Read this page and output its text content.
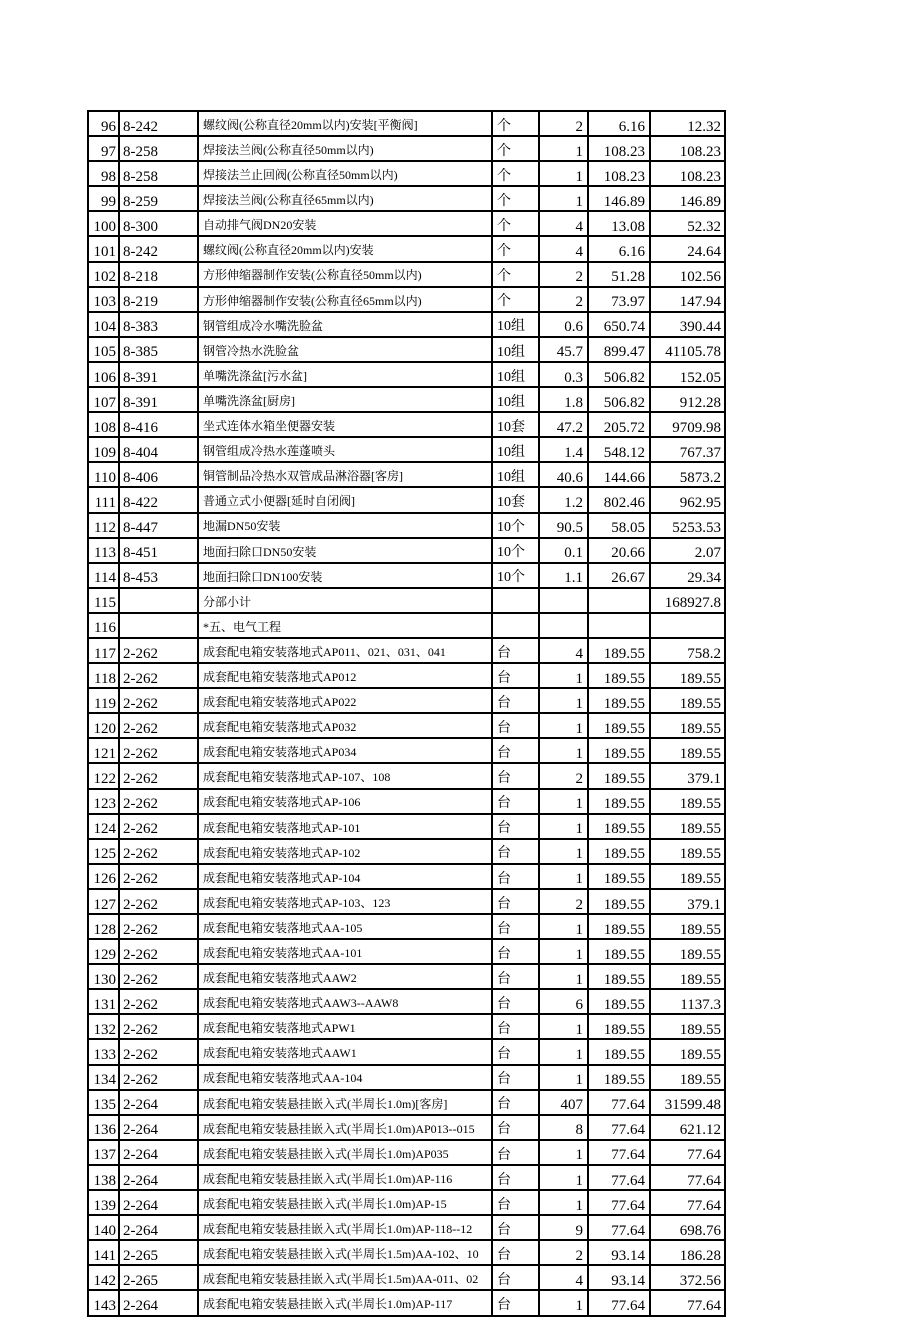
96	8-242	螺纹阀(公称直径20mm以内)安装[平衡阀]	个	2	6.16	12.32
97	8-258	焊接法兰阀(公称直径50mm以内)	个	1	108.23	108.23
98	8-258	焊接法兰止回阀(公称直径50mm以内)	个	1	108.23	108.23
99	8-259	焊接法兰阀(公称直径65mm以内)	个	1	146.89	146.89
100	8-300	自动排气阀DN20安装	个	4	13.08	52.32
101	8-242	螺纹阀(公称直径20mm以内)安装	个	4	6.16	24.64
102	8-218	方形伸缩器制作安装(公称直径50mm以内)	个	2	51.28	102.56
103	8-219	方形伸缩器制作安装(公称直径65mm以内)	个	2	73.97	147.94
104	8-383	钢管组成冷水嘴洗脸盆	10组	0.6	650.74	390.44
105	8-385	钢管冷热水洗脸盆	10组	45.7	899.47	41105.78
106	8-391	单嘴洗涤盆[污水盆]	10组	0.3	506.82	152.05
107	8-391	单嘴洗涤盆[厨房]	10组	1.8	506.82	912.28
108	8-416	坐式连体水箱坐便器安装	10套	47.2	205.72	9709.98
109	8-404	钢管组成冷热水莲蓬喷头	10组	1.4	548.12	767.37
110	8-406	铜管制品冷热水双管成品淋浴器[客房]	10组	40.6	144.66	5873.2
111	8-422	普通立式小便器[延时自闭阀]	10套	1.2	802.46	962.95
112	8-447	地漏DN50安装	10个	90.5	58.05	5253.53
113	8-451	地面扫除口DN50安装	10个	0.1	20.66	2.07
114	8-453	地面扫除口DN100安装	10个	1.1	26.67	29.34
115		分部小计				168927.8
116		*五、电气工程				
117	2-262	成套配电箱安装落地式AP011、021、031、041	台	4	189.55	758.2
118	2-262	成套配电箱安装落地式AP012	台	1	189.55	189.55
119	2-262	成套配电箱安装落地式AP022	台	1	189.55	189.55
120	2-262	成套配电箱安装落地式AP032	台	1	189.55	189.55
121	2-262	成套配电箱安装落地式AP034	台	1	189.55	189.55
122	2-262	成套配电箱安装落地式AP-107、108	台	2	189.55	379.1
123	2-262	成套配电箱安装落地式AP-106	台	1	189.55	189.55
124	2-262	成套配电箱安装落地式AP-101	台	1	189.55	189.55
125	2-262	成套配电箱安装落地式AP-102	台	1	189.55	189.55
126	2-262	成套配电箱安装落地式AP-104	台	1	189.55	189.55
127	2-262	成套配电箱安装落地式AP-103、123	台	2	189.55	379.1
128	2-262	成套配电箱安装落地式AA-105	台	1	189.55	189.55
129	2-262	成套配电箱安装落地式AA-101	台	1	189.55	189.55
130	2-262	成套配电箱安装落地式AAW2	台	1	189.55	189.55
131	2-262	成套配电箱安装落地式AAW3--AAW8	台	6	189.55	1137.3
132	2-262	成套配电箱安装落地式APW1	台	1	189.55	189.55
133	2-262	成套配电箱安装落地式AAW1	台	1	189.55	189.55
134	2-262	成套配电箱安装落地式AA-104	台	1	189.55	189.55
135	2-264	成套配电箱安装悬挂嵌入式(半周长1.0m)[客房]	台	407	77.64	31599.48
136	2-264	成套配电箱安装悬挂嵌入式(半周长1.0m)AP013--015	台	8	77.64	621.12
137	2-264	成套配电箱安装悬挂嵌入式(半周长1.0m)AP035	台	1	77.64	77.64
138	2-264	成套配电箱安装悬挂嵌入式(半周长1.0m)AP-116	台	1	77.64	77.64
139	2-264	成套配电箱安装悬挂嵌入式(半周长1.0m)AP-15	台	1	77.64	77.64
140	2-264	成套配电箱安装悬挂嵌入式(半周长1.0m)AP-118--12	台	9	77.64	698.76
141	2-265	成套配电箱安装悬挂嵌入式(半周长1.5m)AA-102、10	台	2	93.14	186.28
142	2-265	成套配电箱安装悬挂嵌入式(半周长1.5m)AA-011、02	台	4	93.14	372.56
143	2-264	成套配电箱安装悬挂嵌入式(半周长1.0m)AP-117	台	1	77.64	77.64
